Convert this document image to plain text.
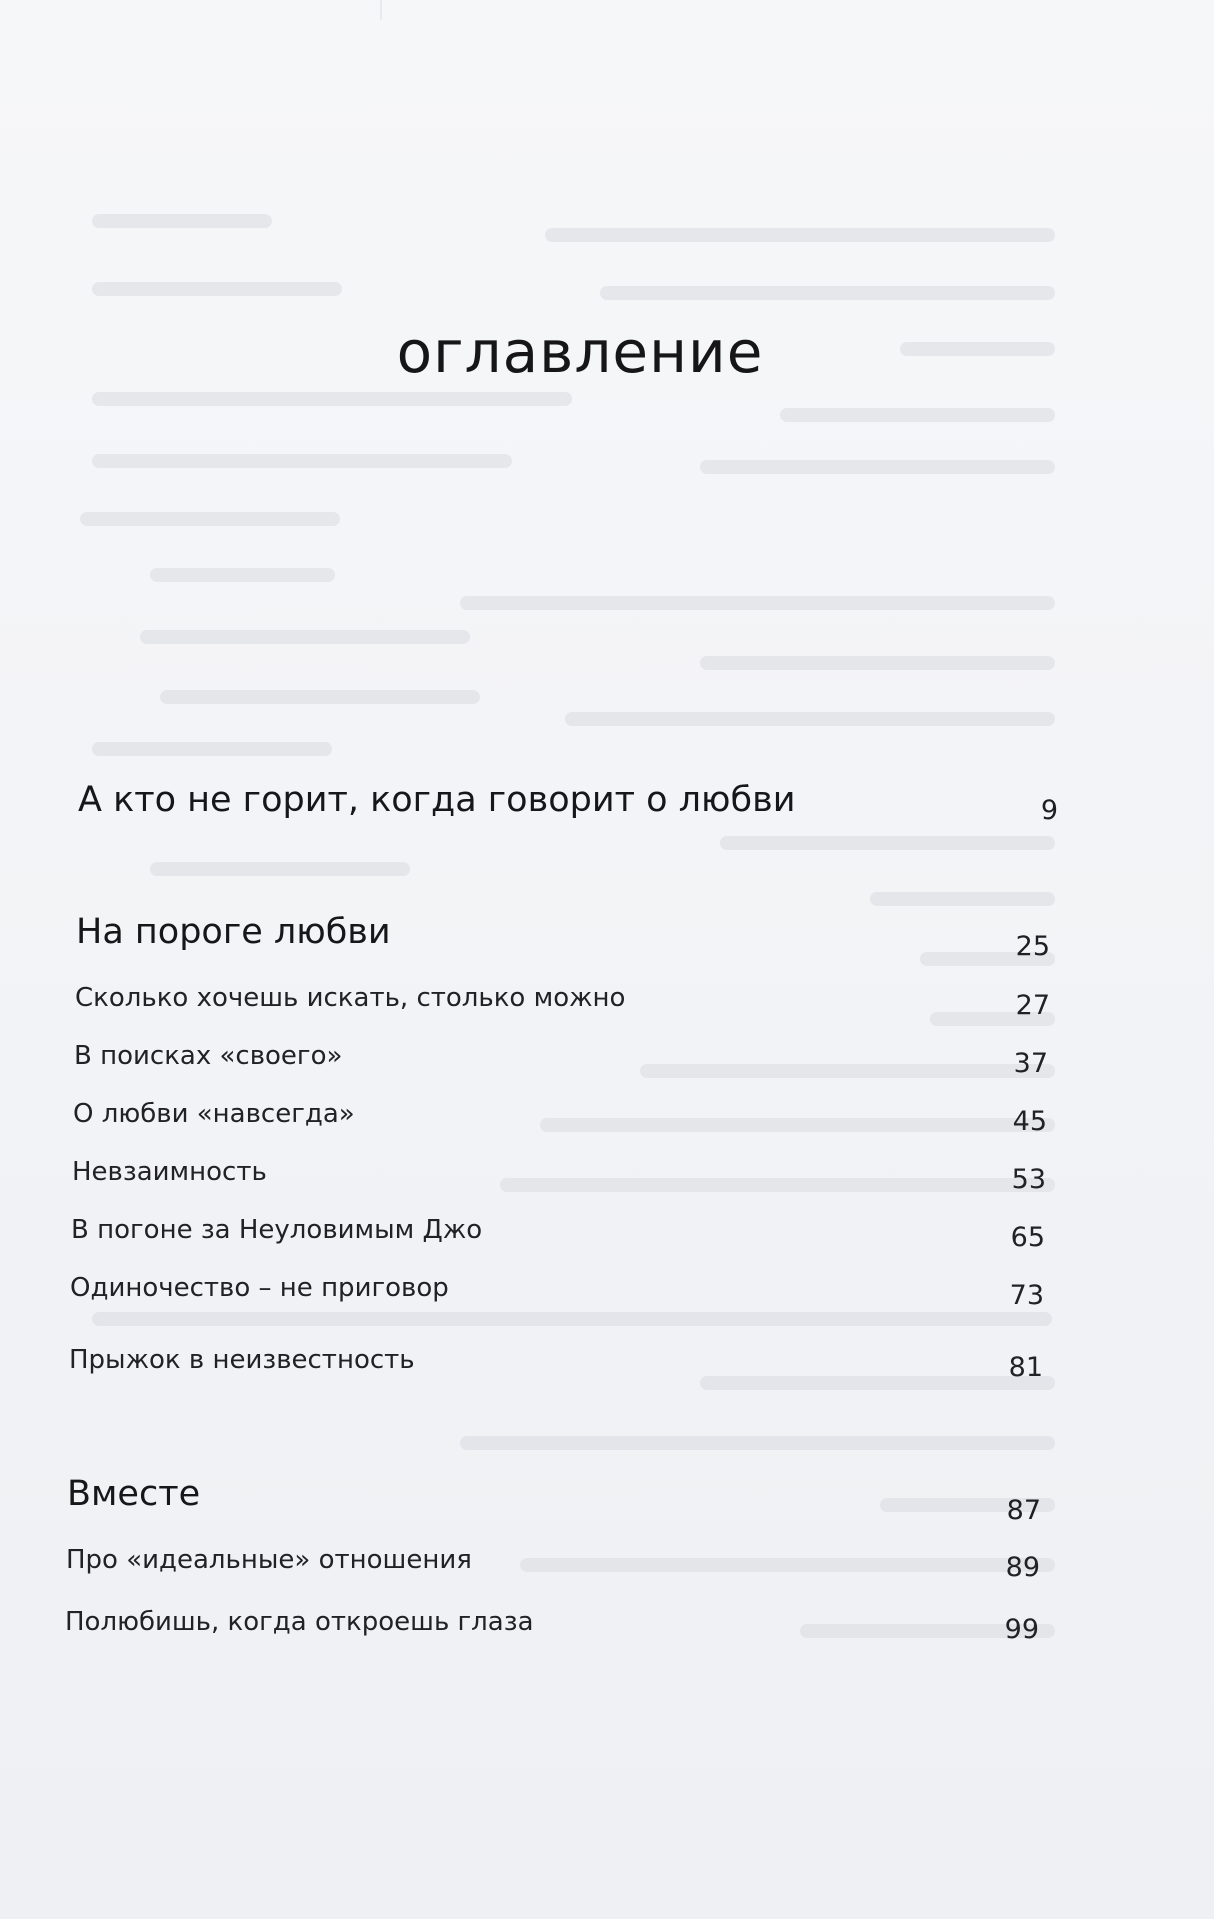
оглавление
А кто не горит, когда говорит о любви	9
На пороге любви	25
Сколько хочешь искать, столько можно	27
В поисках «своего»	37
О любви «навсегда»	45
Невзаимность	53
В погоне за Неуловимым Джо	65
Одиночество – не приговор	73
Прыжок в неизвестность	81
Вместе	87
Про «идеальные» отношения	89
Полюбишь, когда откроешь глаза	99
